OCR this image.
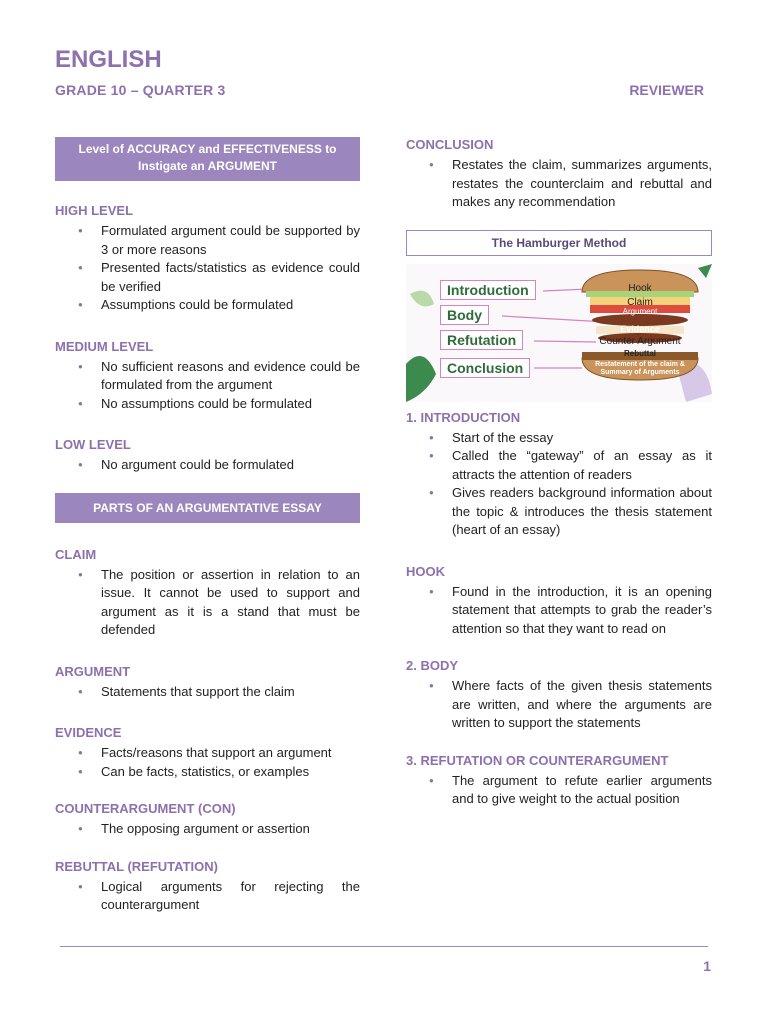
ENGLISH
GRADE 10 – QUARTER 3	REVIEWER
Level of ACCURACY and EFFECTIVENESS to Instigate an ARGUMENT
HIGH LEVEL
● Formulated argument could be supported by 3 or more reasons
● Presented facts/statistics as evidence could be verified
● Assumptions could be formulated
MEDIUM LEVEL
● No sufficient reasons and evidence could be formulated from the argument
● No assumptions could be formulated
LOW LEVEL
● No argument could be formulated
PARTS OF AN ARGUMENTATIVE ESSAY
CLAIM
● The position or assertion in relation to an issue. It cannot be used to support and argument as it is a stand that must be defended
ARGUMENT
● Statements that support the claim
EVIDENCE
● Facts/reasons that support an argument
● Can be facts, statistics, or examples
COUNTERARGUMENT (CON)
● The opposing argument or assertion
REBUTTAL (REFUTATION)
● Logical arguments for rejecting the counterargument
CONCLUSION
● Restates the claim, summarizes arguments, restates the counterclaim and rebuttal and makes any recommendation
The Hamburger Method
Introduction
Body
Refutation
Conclusion
Hook
Claim
Argument
Evidence
Counter Argument
Rebuttal
Restatement of the claim & Summary of Arguments
1. INTRODUCTION
● Start of the essay
● Called the “gateway” of an essay as it attracts the attention of readers
● Gives readers background information about the topic & introduces the thesis statement (heart of an essay)
HOOK
● Found in the introduction, it is an opening statement that attempts to grab the reader’s attention so that they want to read on
2. BODY
● Where facts of the given thesis statements are written, and where the arguments are written to support the statements
3. REFUTATION OR COUNTERARGUMENT
● The argument to refute earlier arguments and to give weight to the actual position
1
